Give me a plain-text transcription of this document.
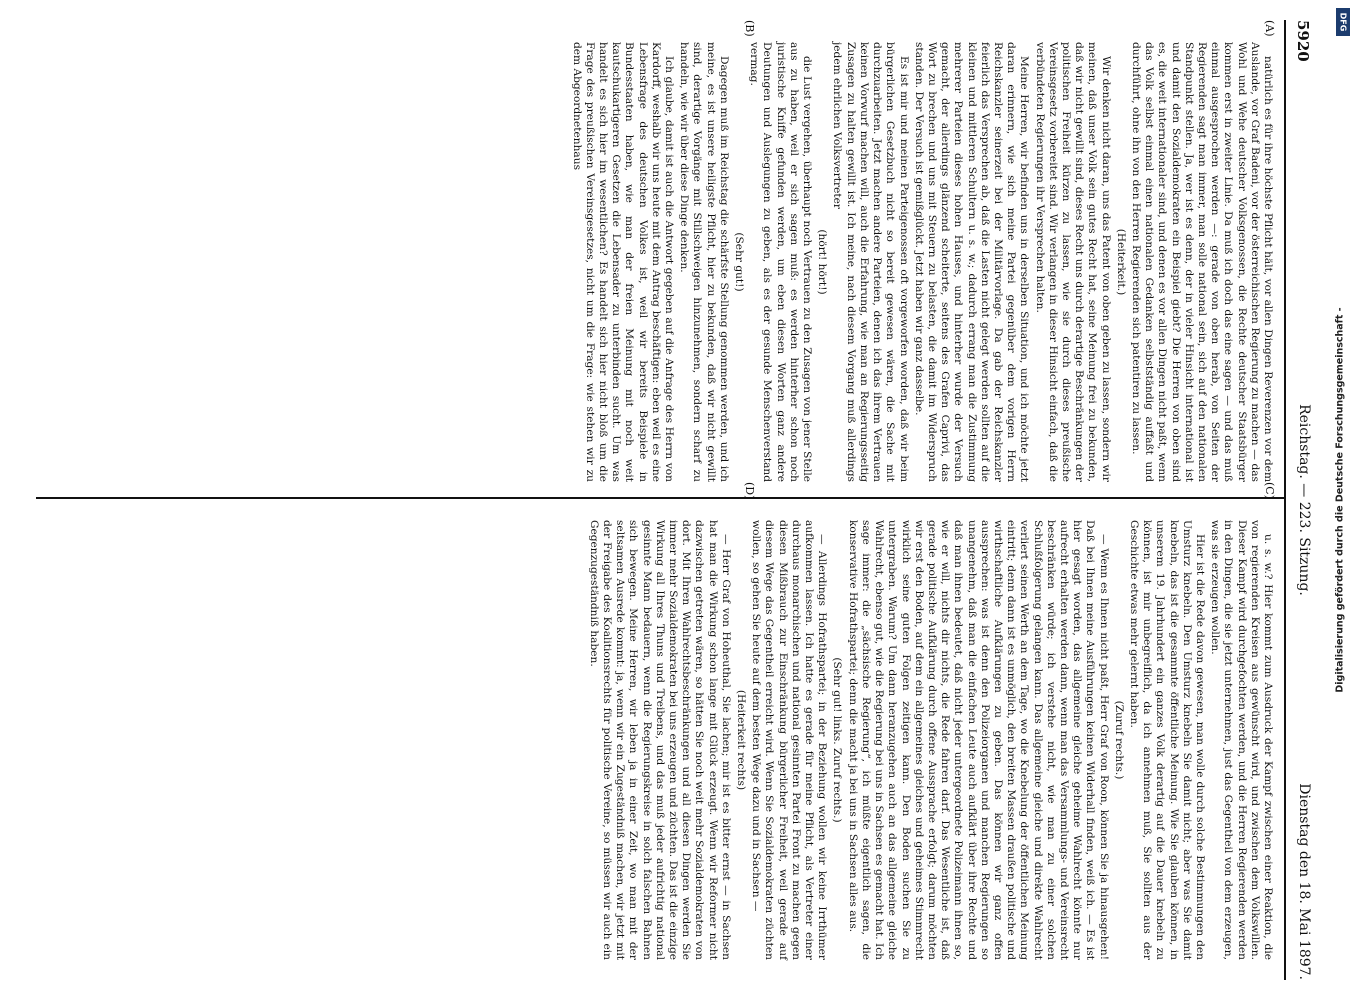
5920
Reichstag. — 223. Sitzung.
Dienstag den 18. Mai 1897.
(A)
(B)
(C)
(D)

natürlich es für ihre höchste Pflicht hält, vor allen Dingen Reverenzen vor dem Auslande, vor Graf Badeni, vor der österreichischen Regierung zu machen — das Wohl und Wehe deutscher Volksgenossen, die Rechte deutscher Staatsbürger kommen erst in zweiter Linie. Da muß ich doch das eine sagen — und das muß einmal ausgesprochen werden —: gerade von oben herab, von Seiten der Regierenden sagt man immer, man solle national sein, sich auf den nationalen Standpunkt stellen. Ja, wer ist es denn, der in vieler Hinsicht international ist und damit den Sozialdemokraten ein Beispiel giebt? Die Herren von oben sind es, die weit internationaler sind, und denen es vor allen Dingen nicht paßt, wenn das Volk selbst einmal einen nationalen Gedanken selbstständig auffaßt und durchführt, ohne ihn von den Herren Regierenden sich patentiren zu lassen.

(Heiterkeit.)

Wir denken nicht daran, uns das Patent von oben geben zu lassen, sondern wir meinen, daß unser Volk sein gutes Recht hat, seine Meinung frei zu bekunden, daß wir nicht gewillt sind, dieses Recht uns durch derartige Beschränkungen der politischen Freiheit kürzen zu lassen, wie sie durch dieses preußische Vereinsgesetz vorbereitet sind. Wir verlangen in dieser Hinsicht einfach, daß die verbündeten Regierungen ihr Versprechen halten.

Meine Herren, wir befinden uns in derselben Situation, und ich möchte jetzt daran erinnern, wie sich meine Partei gegenüber dem vorigen Herrn Reichskanzler seinerzeit bei der Militärvorlage. Da gab der Reichskanzler feierlich das Versprechen ab, daß die Lasten nicht gelegt werden sollten auf die kleinen und mittleren Schultern u. s. w.; dadurch errang man die Zustimmung mehrerer Parteien dieses hohen Hauses, und hinterher wurde der Versuch gemacht, der allerdings glänzend scheiterte, seitens des Grafen Caprivi, das Wort zu brechen und uns mit Steuern zu belasten, die damit im Widerspruch standen. Der Versuch ist gemißglückt. Jetzt haben wir ganz dasselbe.

Es ist mir und meinen Parteigenossen oft vorgeworfen worden, daß wir beim bürgerlichen Gesetzbuch nicht so bereit gewesen wären, die Sache mit durchzuarbeiten. Jetzt machen andere Parteien, denen ich das ihrem Vertrauen keinen Vorwurf machen will, auch die Erfahrung, wie man an Regierungsseitig Zusagen zu halten gewillt ist. Ich meine, nach diesem Vorgang muß allerdings jedem ehrlichen Volksvertreter

(hört! hört!)

die Lust vergehen, überhaupt noch Vertrauen zu den Zusagen von jener Stelle aus zu haben, weil er sich sagen muß: es werden hinterher schon noch juristische Kniffe gefunden werden, um eben diesen Worten ganz andere Deutungen und Auslegungen zu geben, als es der gesunde Menschenverstand vermag.

(Sehr gut!)

Dagegen muß im Reichstag die schärfste Stellung genommen werden, und ich meine, es ist unsere heiligste Pflicht, hier zu bekunden, daß wir nicht gewillt sind, derartige Vorgänge mit Stillschweigen hinzunehmen, sondern scharf zu handeln, wie wir über diese Dinge denken.

Ich glaube, damit ist auch die Antwort gegeben auf die Anfrage des Herrn von Kardorff, weshalb wir uns heute mit dem Antrag beschäftigen: eben weil es eine Lebensfrage des deutschen Volkes ist, weil wir bereits Beispiele in Bundesstaaten haben, wie man der freien Meinung mit noch weit kautschukartigeren Gesetzen die Lebensader zu unterbinden sucht. Um was handelt es sich hier im wesentlichen? Es handelt sich hier nicht bloß um die Frage des preußischen Vereinsgesetzes, nicht um die Frage: wie stehen wir zu dem Abgeordnetenhaus

u. s. w.? Hier kommt zum Ausdruck der Kampf zwischen einer Reaktion, die von regierenden Kreisen aus gewünscht wird, und zwischen dem Volkswillen. Dieser Kampf wird durchgefochten werden, und die Herren Regierenden werden in den Dingen, die sie jetzt unternehmen, just das Gegentheil von dem erzeugen, was sie erzeugen wollen.

Hier ist die Rede davon gewesen, man wolle durch solche Bestimmungen den Umsturz knebeln. Den Umsturz knebeln Sie damit nicht; aber was Sie damit knebeln, das ist die gesammte öffentliche Meinung. Wie Sie glauben können, in unserem 19. Jahrhundert ein ganzes Volk derartig auf die Dauer knebeln zu können, ist mir unbegreiflich, da ich annehmen muß, Sie sollten aus der Geschichte etwas mehr gelernt haben.

(Zuruf rechts.)

— Wenn es Ihnen nicht paßt, Herr Graf von Roon, können Sie ja hinausgehen! Daß bei Ihnen meine Ausführungen keinen Widerhall finden, weiß ich. — Es ist hier gesagt worden, das allgemeine gleiche geheime Wahlrecht könnte nur aufrecht erhalten werden dann, wenn man das Versammlungs- und Vereinsrecht beschränken würde; ich verstehe nicht, wie man zu einer solchen Schlußfolgerung gelangen kann. Das allgemeine gleiche und direkte Wahlrecht verliert seinen Werth an dem Tage, wo die Knebelung der öffentlichen Meinung eintritt; denn dann ist es unmöglich, den breiten Massen draußen politische und wirthschaftliche Aufklärungen zu geben. Das können wir ganz offen aussprechen: was ist denn den Polizeiorganen und manchen Regierungen so unangenehm, daß man die einfachen Leute auch aufklärt über ihre Rechte und daß man ihnen bedeutet, daß nicht jeder untergeordnete Polizeimann ihnen so, wie er will, nichts dir nichts, die Rede fahren darf. Das Wesentliche ist, daß gerade politische Aufklärung durch offene Aussprache erfolgt; darum möchten wir erst den Boden, auf dem ein allgemeines gleiches und geheimes Stimmrecht wirklich seine guten Folgen zeitigen kann. Den Boden suchen Sie zu untergraben. Warum? Um dann heranzugehen auch an das allgemeine gleiche Wahlrecht, ebenso gut, wie die Regierung bei uns in Sachsen es gemacht hat. Ich sage immer: die „sächsische Regierung“, ich müßte eigentlich sagen, die konservative Hofrathspartei; denn die macht ja bei uns in Sachsen alles aus.

(Sehr gut! links. Zuruf rechts.)

— Allerdings Hofrathspartei; in der Beziehung wollen wir keine Irrthümer aufkommen lassen. Ich hatte es gerade für meine Pflicht, als Vertreter einer durchaus monarchischen und national gesinnten Partei Front zu machen gegen diesen Mißbrauch zur Einschränkung bürgerlicher Freiheit, weil gerade auf diesem Wege das Gegentheil erreicht wird. Wenn Sie Sozialdemokraten züchten wollen, so gehen Sie heute auf dem besten Wege dazu und in Sachsen —

(Heiterkeit rechts)

— Herr Graf von Hoheuthal, Sie lachen; mir ist es bitter ernst — in Sachsen hat man die Wirkung schon lange mit Glück erzeugt. Wenn wir Reformer nicht dazwischen getreten wären, so hätten Sie noch weit mehr Sozialdemokraten von dort. Mit Ihren Wahlrechtsbeschränkungen und all diesen Dingen werden Sie immer mehr Sozialdemokraten bei uns erzeugen und züchten. Das ist die einzige Wirkung all Ihres Thuns und Treibens, und das muß jeder aufrichtig national gesinnte Mann bedauern, wenn die Regierungskreise in solch falschen Bahnen sich bewegen. Meine Herren, wir leben ja in einer Zeit, wo man mit der seltsamen Ausrede kommt: ja, wenn wir ein Zugeständniß machen, wir jetzt mit der Freigabe des Koalitionsrechts für politische Vereine, so müssen wir auch ein Gegenzugeständniß haben.	Digitalisierung gefördert durch die Deutsche Forschungsgemeinschaft -
DFG
